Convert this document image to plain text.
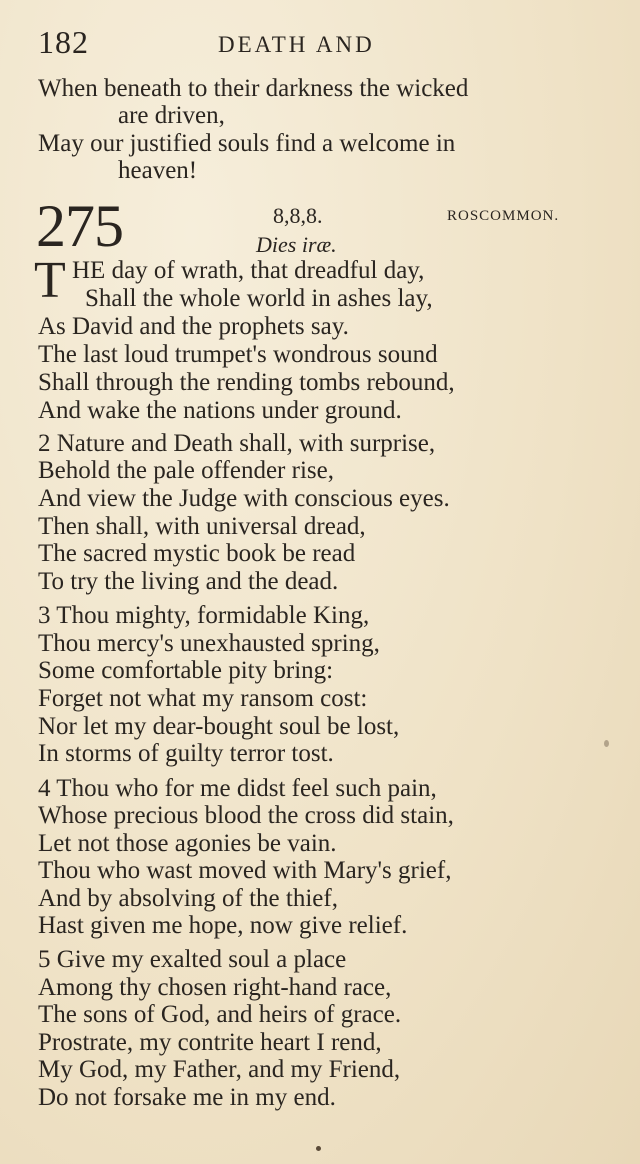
182	DEATH AND
When beneath to their darkness the wicked
are driven,
May our justified souls find a welcome in
heaven!
275	8,8,8.	ROSCOMMON.
Dies iræ.
T HE day of wrath, that dreadful day,
Shall the whole world in ashes lay,
As David and the prophets say.
The last loud trumpet's wondrous sound
Shall through the rending tombs rebound,
And wake the nations under ground.
2 Nature and Death shall, with surprise,
Behold the pale offender rise,
And view the Judge with conscious eyes.
Then shall, with universal dread,
The sacred mystic book be read
To try the living and the dead.
3 Thou mighty, formidable King,
Thou mercy's unexhausted spring,
Some comfortable pity bring:
Forget not what my ransom cost:
Nor let my dear-bought soul be lost,
In storms of guilty terror tost.
4 Thou who for me didst feel such pain,
Whose precious blood the cross did stain,
Let not those agonies be vain.
Thou who wast moved with Mary's grief,
And by absolving of the thief,
Hast given me hope, now give relief.
5 Give my exalted soul a place
Among thy chosen right-hand race,
The sons of God, and heirs of grace.
Prostrate, my contrite heart I rend,
My God, my Father, and my Friend,
Do not forsake me in my end.
